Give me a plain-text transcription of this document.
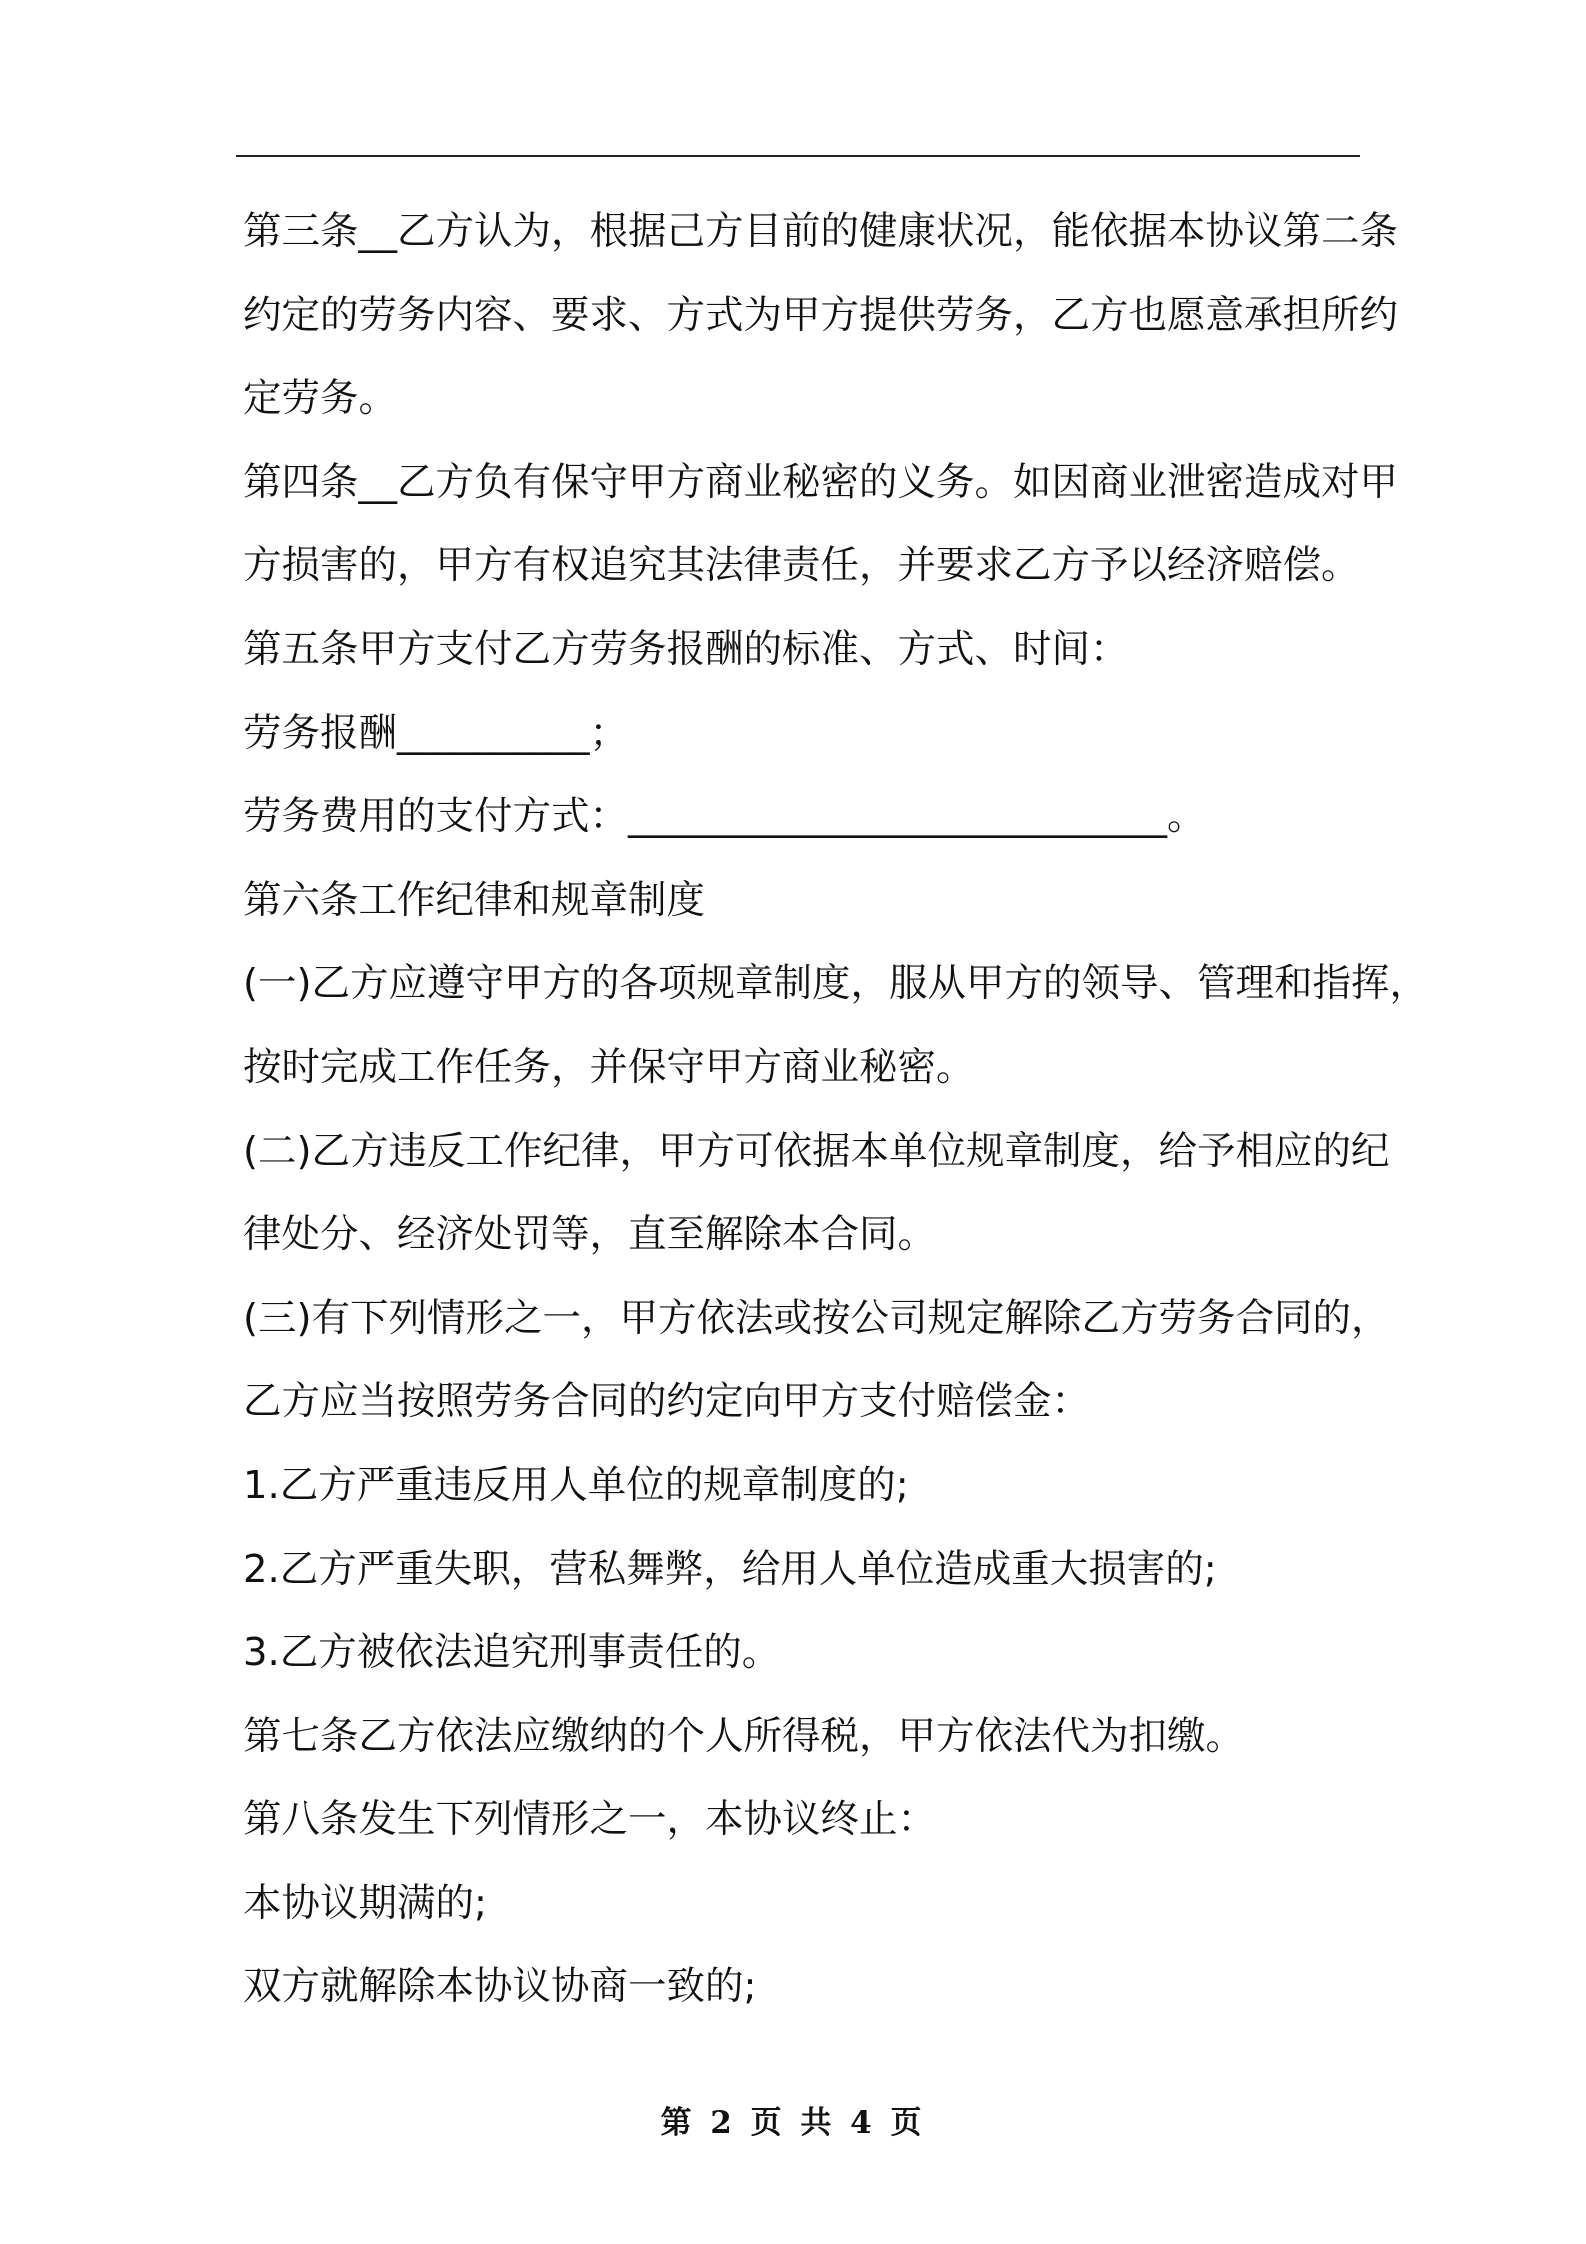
第三条__乙方认为，根据己方目前的健康状况，能依据本协议第二条
约定的劳务内容、要求、方式为甲方提供劳务，乙方也愿意承担所约
定劳务。
第四条__乙方负有保守甲方商业秘密的义务。如因商业泄密造成对甲
方损害的，甲方有权追究其法律责任，并要求乙方予以经济赔偿。
第五条甲方支付乙方劳务报酬的标准、方式、时间：
劳务报酬__________；
劳务费用的支付方式：____________________________。
第六条工作纪律和规章制度
(一)乙方应遵守甲方的各项规章制度，服从甲方的领导、管理和指挥，
按时完成工作任务，并保守甲方商业秘密。
(二)乙方违反工作纪律，甲方可依据本单位规章制度，给予相应的纪
律处分、经济处罚等，直至解除本合同。
(三)有下列情形之一，甲方依法或按公司规定解除乙方劳务合同的，
乙方应当按照劳务合同的约定向甲方支付赔偿金：
1.乙方严重违反用人单位的规章制度的;
2.乙方严重失职，营私舞弊，给用人单位造成重大损害的;
3.乙方被依法追究刑事责任的。
第七条乙方依法应缴纳的个人所得税，甲方依法代为扣缴。
第八条发生下列情形之一，本协议终止：
本协议期满的;
双方就解除本协议协商一致的;
第 2 页 共 4 页
